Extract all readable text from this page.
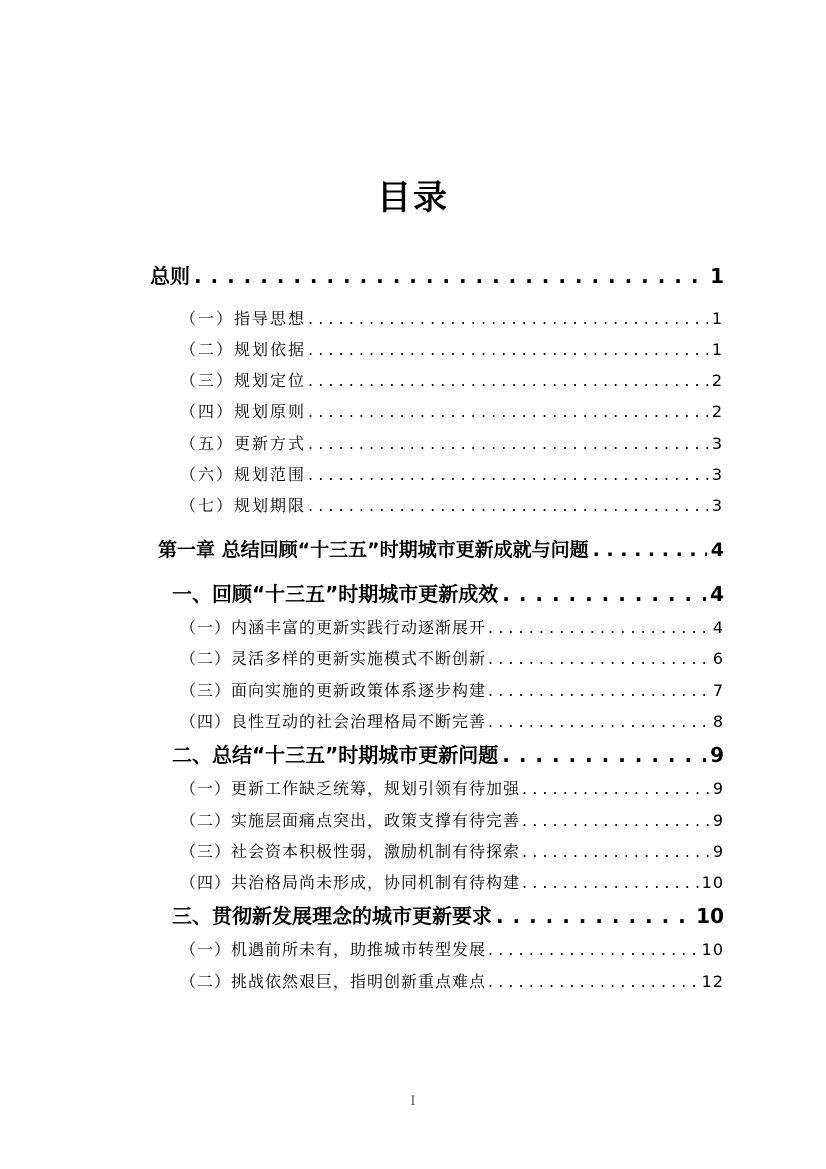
目录
总则 . . .	1
（一）指导思想 . . .	1
（二）规划依据 . . .	1
（三）规划定位 . . .	2
（四）规划原则 . . .	2
（五）更新方式 . . .	3
（六）规划范围 . . .	3
（七）规划期限 . . .	3
第一章 总结回顾“十三五”时期城市更新成就与问题 . . .	4
一、回顾“十三五”时期城市更新成效 . . .	4
（一）内涵丰富的更新实践行动逐渐展开 . . .	4
（二）灵活多样的更新实施模式不断创新 . . .	6
（三）面向实施的更新政策体系逐步构建 . . .	7
（四）良性互动的社会治理格局不断完善 . . .	8
二、总结“十三五”时期城市更新问题 . . .	9
（一）更新工作缺乏统筹，规划引领有待加强 . . .	9
（二）实施层面痛点突出，政策支撑有待完善 . . .	9
（三）社会资本积极性弱，激励机制有待探索 . . .	9
（四）共治格局尚未形成，协同机制有待构建 . . .	10
三、贯彻新发展理念的城市更新要求 . . .	10
（一）机遇前所未有，助推城市转型发展 . . .	10
（二）挑战依然艰巨，指明创新重点难点 . . .	12
I
